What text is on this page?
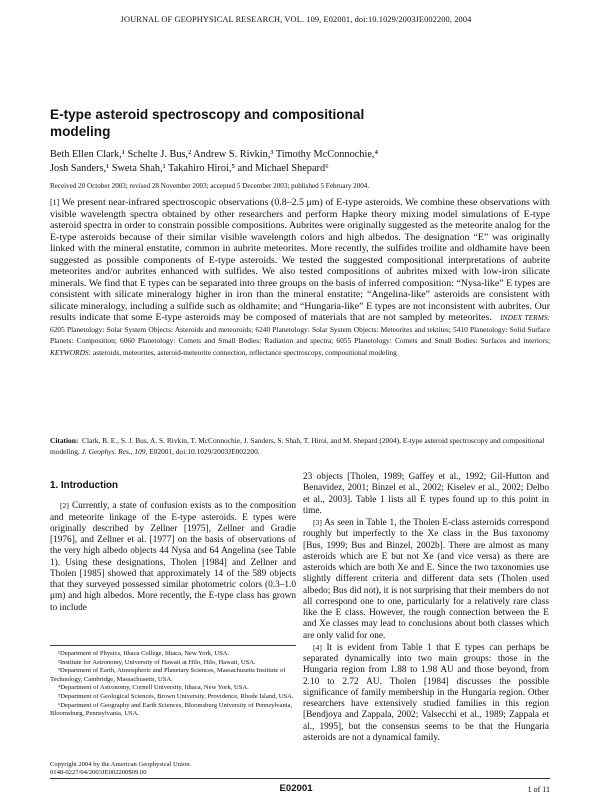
JOURNAL OF GEOPHYSICAL RESEARCH, VOL. 109, E02001, doi:10.1029/2003JE002200, 2004
E-type asteroid spectroscopy and compositional modeling
Beth Ellen Clark,¹ Schelte J. Bus,² Andrew S. Rivkin,³ Timothy McConnochie,⁴
Josh Sanders,¹ Sweta Shah,¹ Takahiro Hiroi,⁵ and Michael Shepard⁶
Received 20 October 2003; revised 28 November 2003; accepted 5 December 2003; published 5 February 2004.
[1] We present near-infrared spectroscopic observations (0.8–2.5 μm) of E-type asteroids. We combine these observations with visible wavelength spectra obtained by other researchers and perform Hapke theory mixing model simulations of E-type asteroid spectra in order to constrain possible compositions. Aubrites were originally suggested as the meteorite analog for the E-type asteroids because of their similar visible wavelength colors and high albedos. The designation “E” was originally linked with the mineral enstatite, common in aubrite meteorites. More recently, the sulfides troilite and oldhamite have been suggested as possible components of E-type asteroids. We tested the suggested compositional interpretations of aubrite meteorites and/or aubrites enhanced with sulfides. We also tested compositions of aubrites mixed with low-iron silicate minerals. We find that E types can be separated into three groups on the basis of inferred composition: “Nysa-like” E types are consistent with silicate mineralogy higher in iron than the mineral enstatite; “Angelina-like” asteroids are consistent with silicate mineralogy, including a sulfide such as oldhamite; and “Hungaria-like” E types are not inconsistent with aubrites. Our results indicate that some E-type asteroids may be composed of materials that are not sampled by meteorites. INDEX TERMS: 6205 Planetology: Solar System Objects: Asteroids and meteoroids; 6240 Planetology: Solar System Objects: Meteorites and tektites; 5410 Planetology: Solid Surface Planets: Composition; 6060 Planetology: Comets and Small Bodies: Radiation and spectra; 6055 Planetology: Comets and Small Bodies: Surfaces and interiors; KEYWORDS: asteroids, meteorites, asteroid-meteorite connection, reflectance spectroscopy, compositional modeling
Citation: Clark, B. E., S. J. Bus, A. S. Rivkin, T. McConnochie, J. Sanders, S. Shah, T. Hiroi, and M. Shepard (2004), E-type asteroid spectroscopy and compositional modeling, J. Geophys. Res., 109, E02001, doi:10.1029/2003JE002200.
1. Introduction

[2] Currently, a state of confusion exists as to the composition and meteorite linkage of the E-type asteroids. E types were originally described by Zellner [1975], Zellner and Gradie [1976], and Zellner et al. [1977] on the basis of observations of the very high albedo objects 44 Nysa and 64 Angelina (see Table 1). Using these designations, Tholen [1984] and Zellner and Tholen [1985] showed that approximately 14 of the 589 objects that they surveyed possessed similar photometric colors (0.3–1.0 μm) and high albedos. More recently, the E-type class has grown to include

23 objects [Tholen, 1989; Gaffey et al., 1992; Gil-Hutton and Benavidez, 2001; Binzel et al., 2002; Kiselev et al., 2002; Delbo et al., 2003]. Table 1 lists all E types found up to this point in time.

[3] As seen in Table 1, the Tholen E-class asteroids correspond roughly but imperfectly to the Xe class in the Bus taxonomy [Bus, 1999; Bus and Binzel, 2002b]. There are almost as many asteroids which are E but not Xe (and vice versa) as there are asteroids which are both Xe and E. Since the two taxonomies use slightly different criteria and different data sets (Tholen used albedo; Bus did not), it is not surprising that their members do not all correspond one to one, particularly for a relatively rare class like the E class. However, the rough connection between the E and Xe classes may lead to conclusions about both classes which are only valid for one.

[4] It is evident from Table 1 that E types can perhaps be separated dynamically into two main groups: those in the Hungaria region from 1.88 to 1.98 AU and those beyond, from 2.10 to 2.72 AU. Tholen [1984] discusses the possible significance of family membership in the Hungaria region. Other researchers have extensively studied families in this region [Bendjoya and Zappala, 2002; Valsecchi et al., 1989; Zappala et al., 1995], but the consensus seems to be that the Hungaria asteroids are not a dynamical family.

¹Department of Physics, Ithaca College, Ithaca, New York, USA.

²Institute for Astronomy, University of Hawaii at Hilo, Hilo, Hawaii, USA.

³Department of Earth, Atmospheric and Planetary Sciences, Massachusetts Institute of Technology, Cambridge, Massachusetts, USA.

⁴Department of Astronomy, Cornell University, Ithaca, New York, USA.

⁵Department of Geological Sciences, Brown University, Providence, Rhode Island, USA.

⁶Department of Geography and Earth Sciences, Bloomsburg University of Pennsylvania, Bloomsburg, Pennsylvania, USA.

Copyright 2004 by the American Geophysical Union.
0148-0227/04/2003JE002200$09.00
E02001	1 of 11
